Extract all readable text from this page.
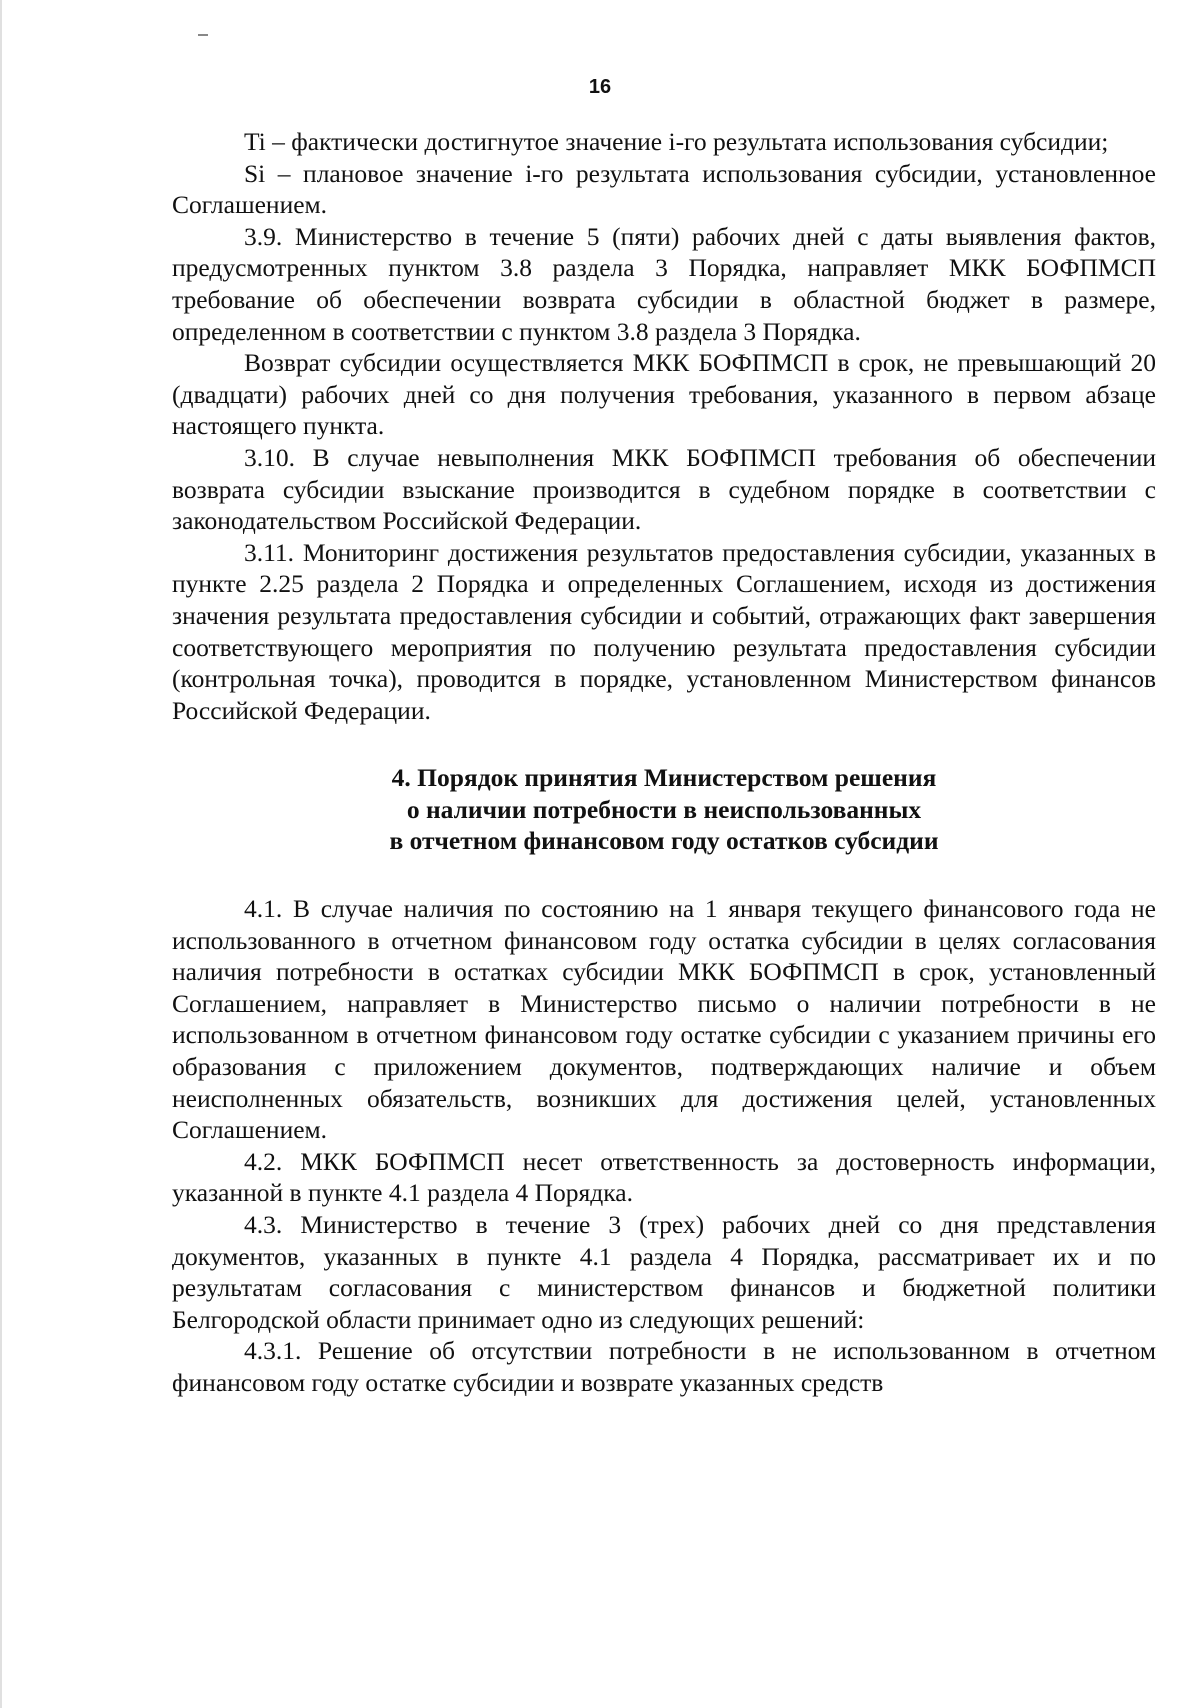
16

Ti – фактически достигнутое значение i-го результата использования субсидии;

Si – плановое значение i-го результата использования субсидии, установленное Соглашением.

3.9. Министерство в течение 5 (пяти) рабочих дней с даты выявления фактов, предусмотренных пунктом 3.8 раздела 3 Порядка, направляет МКК БОФПМСП требование об обеспечении возврата субсидии в областной бюджет в размере, определенном в соответствии с пунктом 3.8 раздела 3 Порядка.

Возврат субсидии осуществляется МКК БОФПМСП в срок, не превышающий 20 (двадцати) рабочих дней со дня получения требования, указанного в первом абзаце настоящего пункта.

3.10. В случае невыполнения МКК БОФПМСП требования об обеспечении возврата субсидии взыскание производится в судебном порядке в соответствии с законодательством Российской Федерации.

3.11. Мониторинг достижения результатов предоставления субсидии, указанных в пункте 2.25 раздела 2 Порядка и определенных Соглашением, исходя из достижения значения результата предоставления субсидии и событий, отражающих факт завершения соответствующего мероприятия по получению результата предоставления субсидии (контрольная точка), проводится в порядке, установленном Министерством финансов Российской Федерации.

4. Порядок принятия Министерством решения
о наличии потребности в неиспользованных
в отчетном финансовом году остатков субсидии

4.1. В случае наличия по состоянию на 1 января текущего финансового года не использованного в отчетном финансовом году остатка субсидии в целях согласования наличия потребности в остатках субсидии МКК БОФПМСП в срок, установленный Соглашением, направляет в Министерство письмо о наличии потребности в не использованном в отчетном финансовом году остатке субсидии с указанием причины его образования с приложением документов, подтверждающих наличие и объем неисполненных обязательств, возникших для достижения целей, установленных Соглашением.

4.2. МКК БОФПМСП несет ответственность за достоверность информации, указанной в пункте 4.1 раздела 4 Порядка.

4.3. Министерство в течение 3 (трех) рабочих дней со дня представления документов, указанных в пункте 4.1 раздела 4 Порядка, рассматривает их и по результатам согласования с министерством финансов и бюджетной политики Белгородской области принимает одно из следующих решений:

4.3.1. Решение об отсутствии потребности в не использованном в отчетном финансовом году остатке субсидии и возврате указанных средств
